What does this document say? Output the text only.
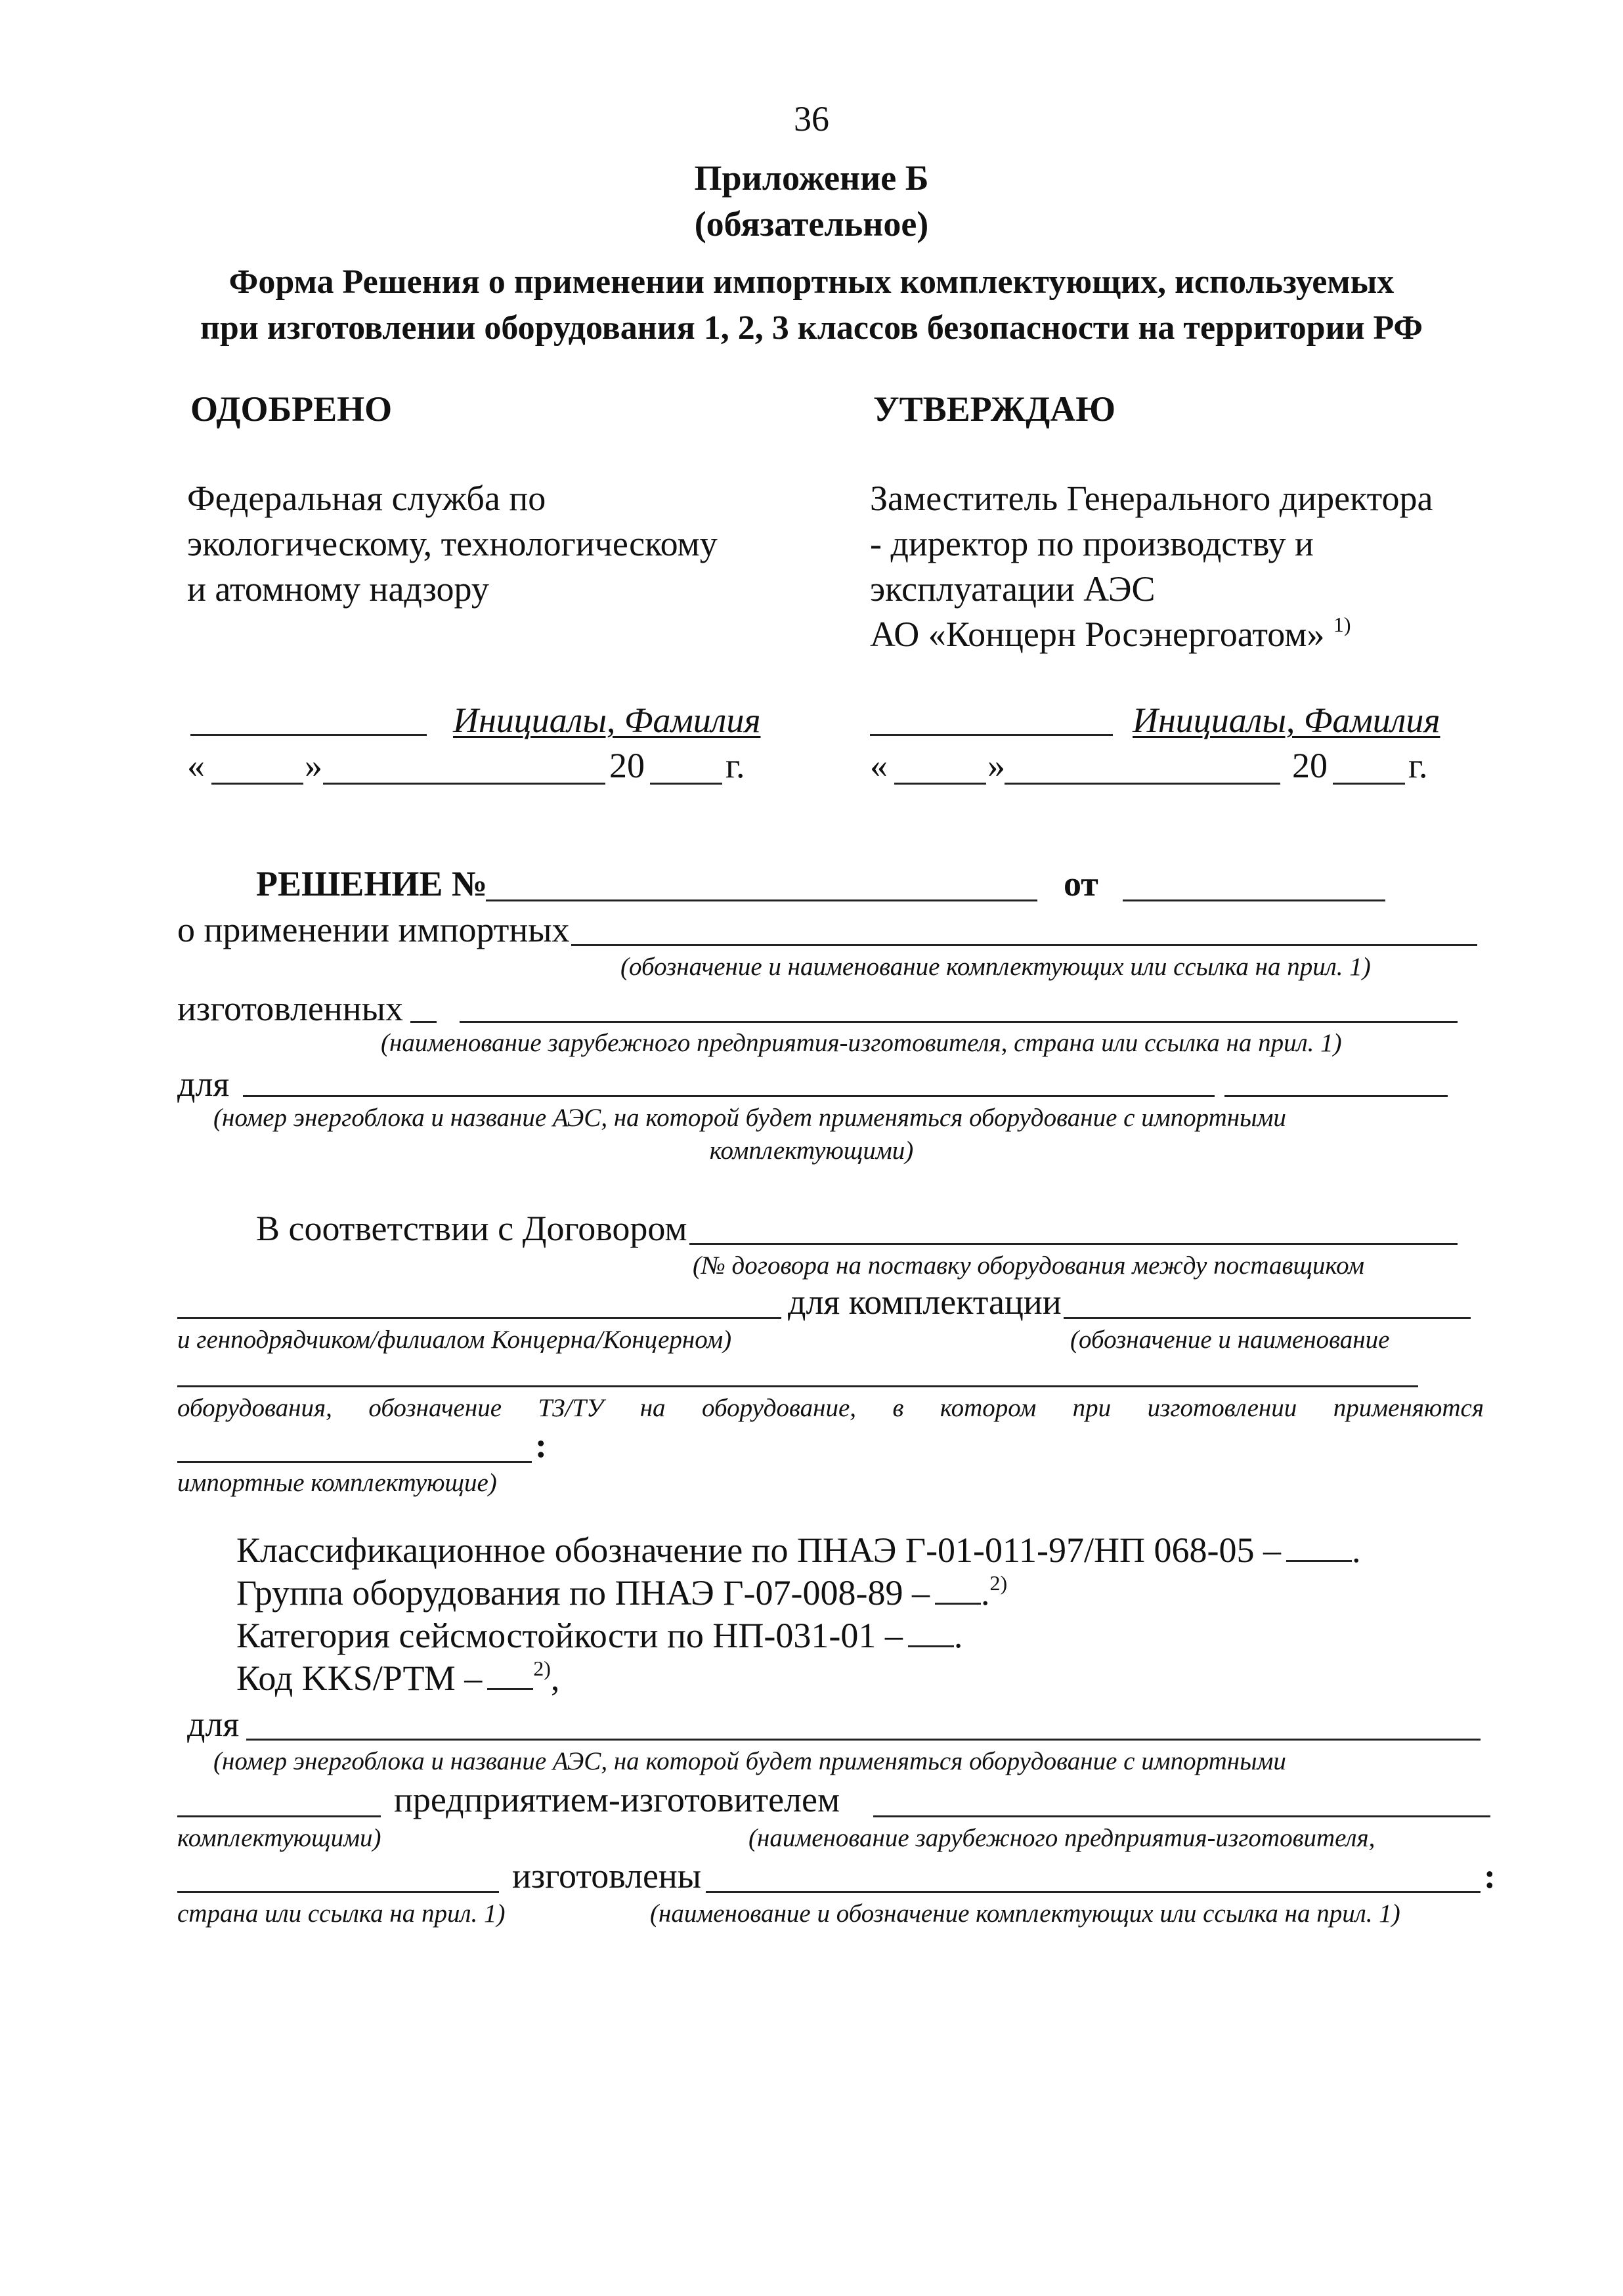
36
Приложение Б
(обязательное)
Форма Решения о применении импортных комплектующих, используемых
при изготовлении оборудования 1, 2, 3 классов безопасности на территории РФ
ОДОБРЕНО
Федеральная служба по
экологическому, технологическому
и атомному надзору
Инициалы, Фамилия
«	»	20 г.
УТВЕРЖДАЮ
Заместитель Генерального директора
- директор по производству и
эксплуатации АЭС
АО «Концерн Росэнергоатом» $^{1)}$
Инициалы, Фамилия
«	»	20 г.
РЕШЕНИЕ №	от
о применении импортных
(обозначение и наименование комплектующих или ссылка на прил. 1)
изготовленных
(наименование зарубежного предприятия-изготовителя, страна или ссылка на прил. 1)
для
(номер энергоблока и название АЭС, на которой будет применяться оборудование с импортными
комплектующими)
В соответствии с Договором
(№ договора на поставку оборудования между поставщиком
для комплектации
и генподрядчиком/филиалом Концерна/Концерном)	(обозначение и наименование
оборудования, обозначение ТЗ/ТУ на оборудование, в котором при изготовлении применяются
:
импортные комплектующие)
Классификационное обозначение по ПНАЭ Г-01-011-97/НП 068-05 – .
Группа оборудования по ПНАЭ Г-07-008-89 – .$^{2)}$
Категория сейсмостойкости по НП-031-01 – .
Код KKS/РТМ – $^{2)}$,
для
(номер энергоблока и название АЭС, на которой будет применяться оборудование с импортными
предприятием-изготовителем
комплектующими)	(наименование зарубежного предприятия-изготовителя,
изготовлены	:
страна или ссылка на прил. 1)	(наименование и обозначение комплектующих или ссылка на прил. 1)
